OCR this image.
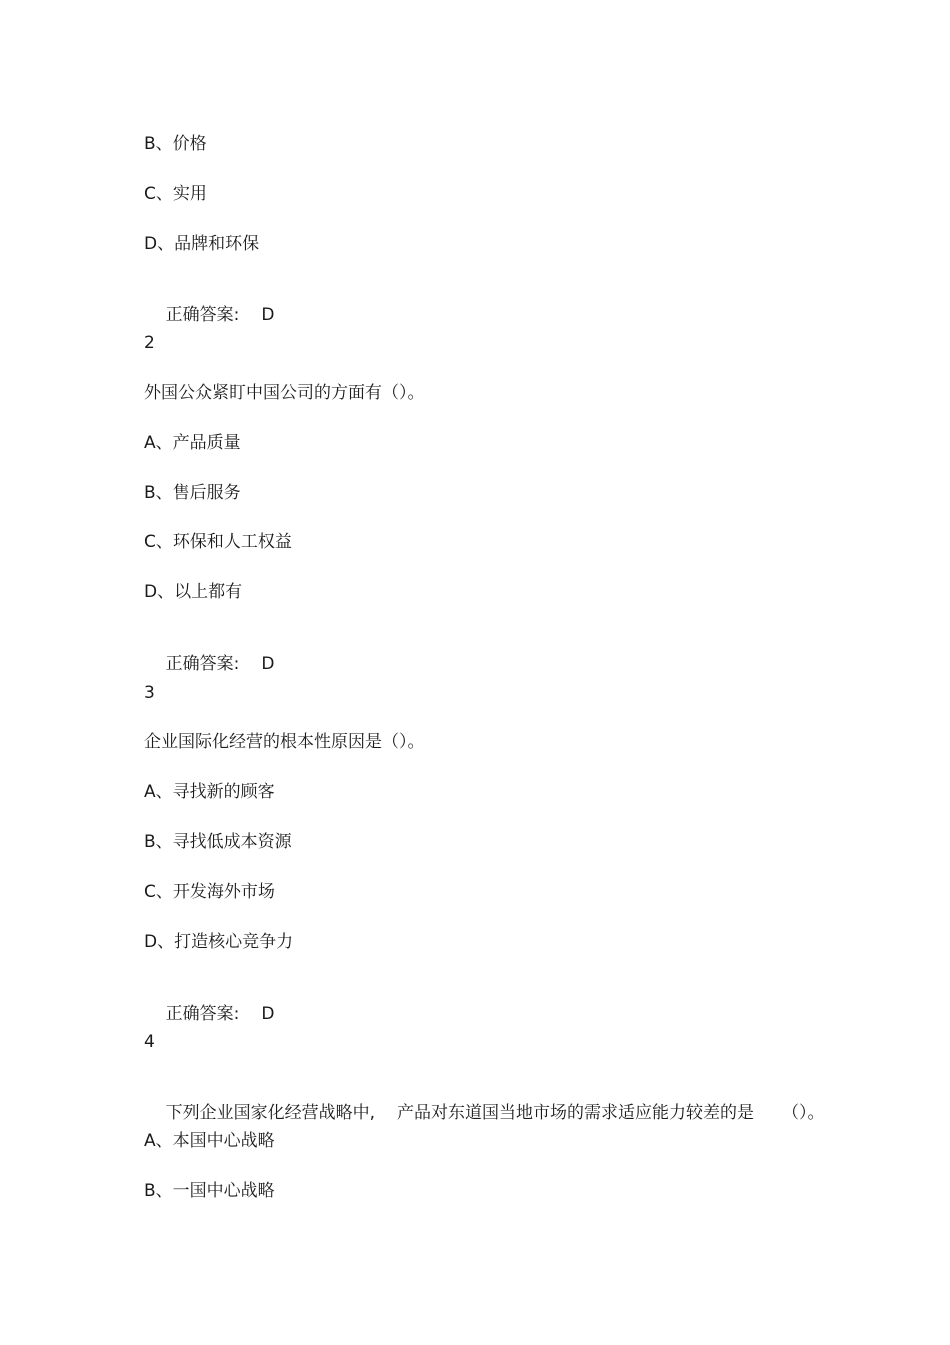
B、价格
C、实用
D、品牌和环保

正确答案: D

2
外国公众紧盯中国公司的方面有（）。
A、产品质量
B、售后服务
C、环保和人工权益
D、以上都有

正确答案: D

3
企业国际化经营的根本性原因是（）。
A、寻找新的顾客
B、寻找低成本资源
C、开发海外市场
D、打造核心竞争力

正确答案: D

4

下列企业国家化经营战略中, 产品对东道国当地市场的需求适应能力较差的是 （）。

A、本国中心战略
B、一国中心战略
